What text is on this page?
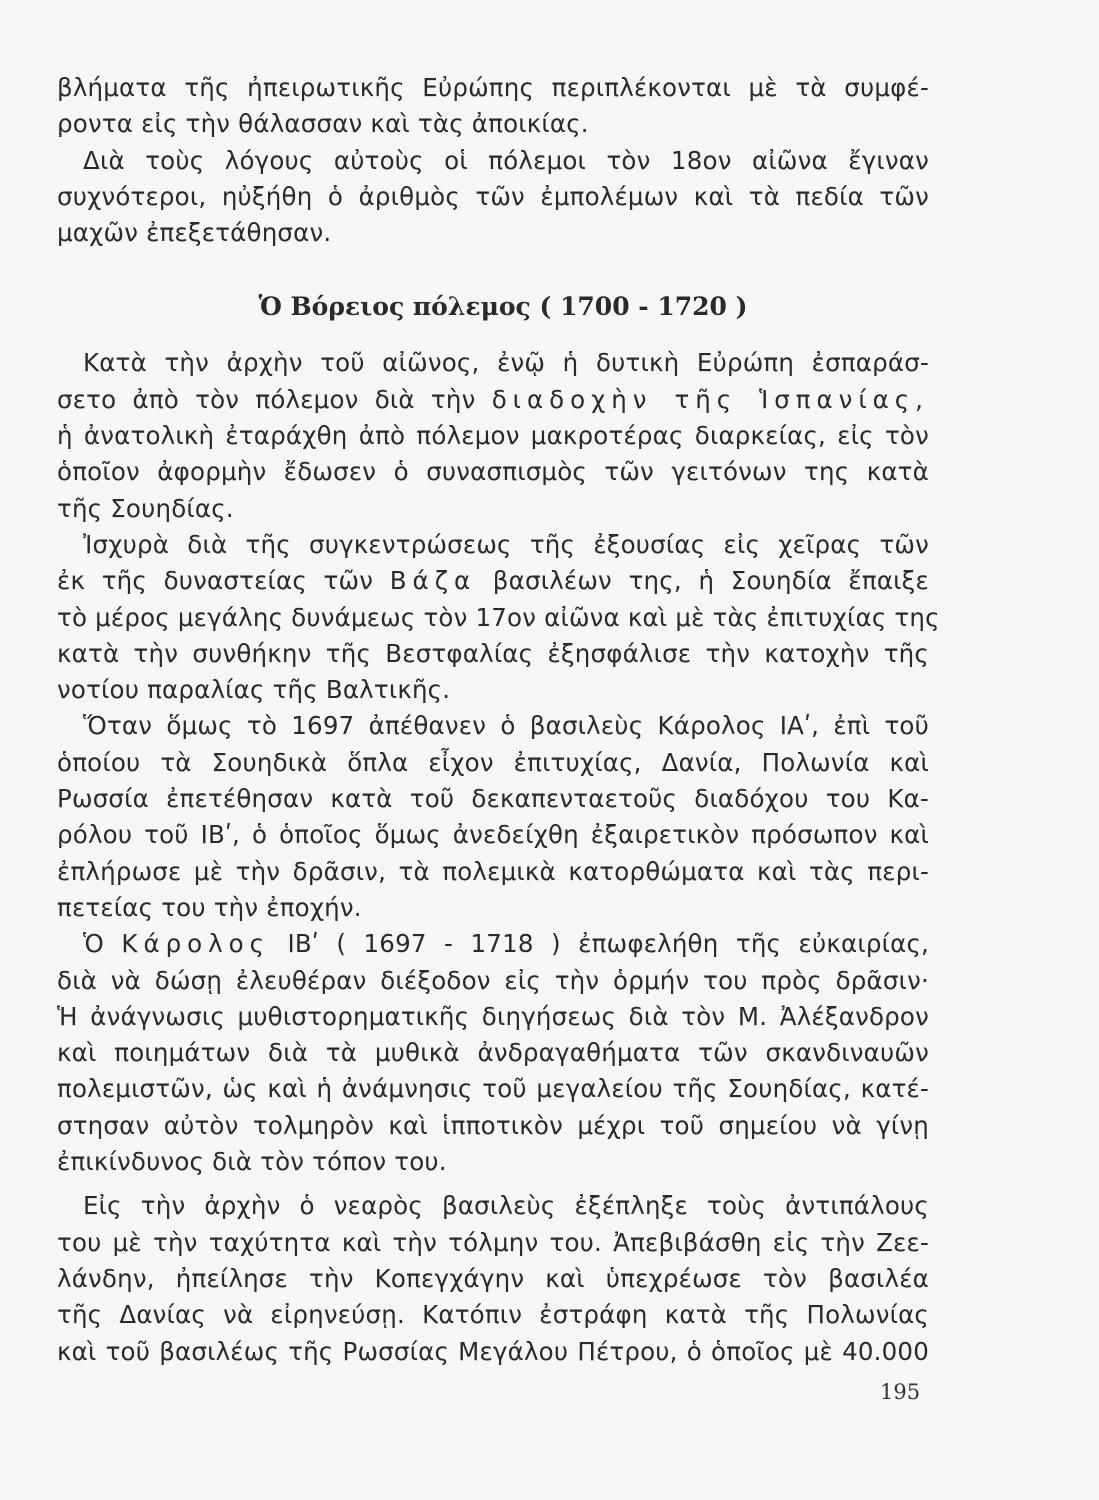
βλήματα τῆς ἠπειρωτικῆς Εὐρώπης περιπλέκονται μὲ τὰ συμφέ-
ροντα εἰς τὴν θάλασσαν καὶ τὰς ἀποικίας.
Διὰ τοὺς λόγους αὐτοὺς οἱ πόλεμοι τὸν 18ον αἰῶνα ἔγιναν
συχνότεροι, ηὐξήθη ὁ ἀριθμὸς τῶν ἐμπολέμων καὶ τὰ πεδία τῶν
μαχῶν ἐπεξετάθησαν.
Ὁ Βόρειος πόλεμος ( 1700 - 1720 )
Κατὰ τὴν ἀρχὴν τοῦ αἰῶνος, ἐνῷ ἡ δυτικὴ Εὐρώπη ἐσπαράσ-
σετο ἀπὸ τὸν πόλεμον διὰ τὴν διαδοχὴν τῆς Ἱσπανίας,
ἡ ἀνατολικὴ ἐταράχθη ἀπὸ πόλεμον μακροτέρας διαρκείας, εἰς τὸν
ὁποῖον ἀφορμὴν ἔδωσεν ὁ συνασπισμὸς τῶν γειτόνων της κατὰ
τῆς Σουηδίας.
Ἰσχυρὰ διὰ τῆς συγκεντρώσεως τῆς ἐξουσίας εἰς χεῖρας τῶν
ἐκ τῆς δυναστείας τῶν Βάζα βασιλέων της, ἡ Σουηδία ἔπαιξε
τὸ μέρος μεγάλης δυνάμεως τὸν 17ον αἰῶνα καὶ μὲ τὰς ἐπιτυχίας της
κατὰ τὴν συνθήκην τῆς Βεστφαλίας ἐξησφάλισε τὴν κατοχὴν τῆς
νοτίου παραλίας τῆς Βαλτικῆς.
Ὅταν ὅμως τὸ 1697 ἀπέθανεν ὁ βασιλεὺς Κάρολος ΙΑʹ, ἐπὶ τοῦ
ὁποίου τὰ Σουηδικὰ ὅπλα εἶχον ἐπιτυχίας, Δανία, Πολωνία καὶ
Ρωσσία ἐπετέθησαν κατὰ τοῦ δεκαπενταετοῦς διαδόχου του Κα-
ρόλου τοῦ ΙΒʹ, ὁ ὁποῖος ὅμως ἀνεδείχθη ἐξαιρετικὸν πρόσωπον καὶ
ἐπλήρωσε μὲ τὴν δρᾶσιν, τὰ πολεμικὰ κατορθώματα καὶ τὰς περι-
πετείας του τὴν ἐποχήν.
Ὁ Κάρολος ΙΒʹ ( 1697 - 1718 ) ἐπωφελήθη τῆς εὐκαιρίας,
διὰ νὰ δώσῃ ἐλευθέραν διέξοδον εἰς τὴν ὁρμήν του πρὸς δρᾶσιν·
Ἡ ἀνάγνωσις μυθιστορηματικῆς διηγήσεως διὰ τὸν Μ. Ἀλέξανδρον
καὶ ποιημάτων διὰ τὰ μυθικὰ ἀνδραγαθήματα τῶν σκανδιναυῶν
πολεμιστῶν, ὡς καὶ ἡ ἀνάμνησις τοῦ μεγαλείου τῆς Σουηδίας, κατέ-
στησαν αὐτὸν τολμηρὸν καὶ ἱπποτικὸν μέχρι τοῦ σημείου νὰ γίνῃ
ἐπικίνδυνος διὰ τὸν τόπον του.
Εἰς τὴν ἀρχὴν ὁ νεαρὸς βασιλεὺς ἐξέπληξε τοὺς ἀντιπάλους
του μὲ τὴν ταχύτητα καὶ τὴν τόλμην του. Ἀπεβιβάσθη εἰς τὴν Ζεε-
λάνδην, ἠπείλησε τὴν Κοπεγχάγην καὶ ὑπεχρέωσε τὸν βασιλέα
τῆς Δανίας νὰ εἰρηνεύσῃ. Κατόπιν ἐστράφη κατὰ τῆς Πολωνίας
καὶ τοῦ βασιλέως τῆς Ρωσσίας Μεγάλου Πέτρου, ὁ ὁποῖος μὲ 40.000
195
